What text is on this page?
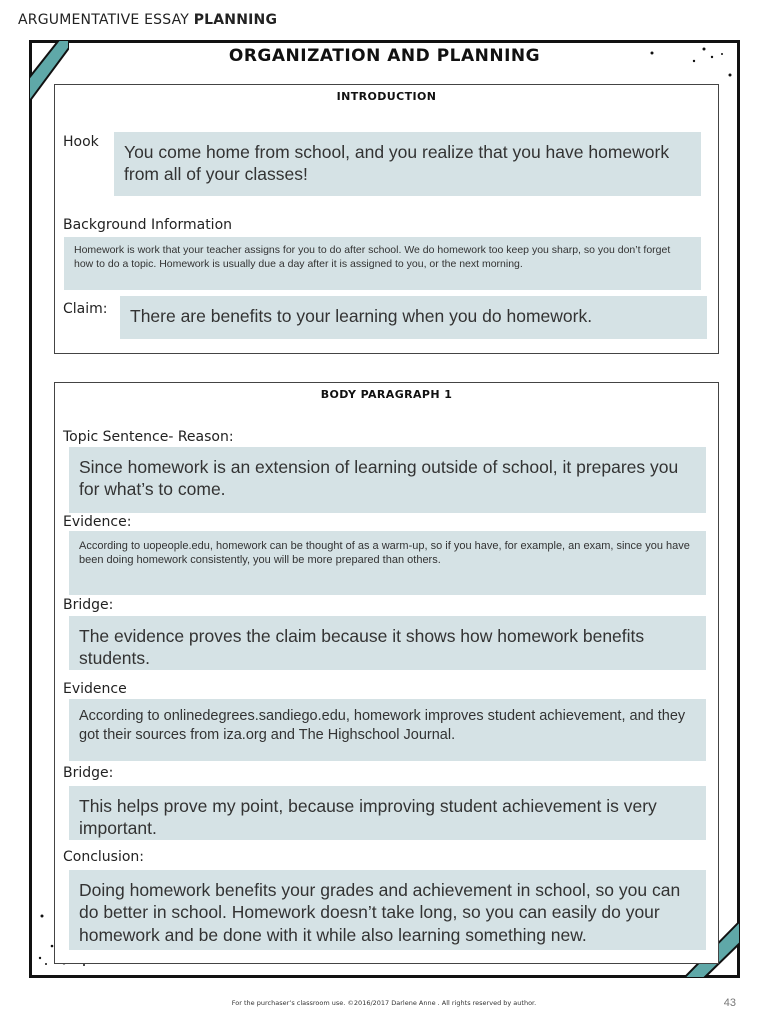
ARGUMENTATIVE ESSAY PLANNING
ORGANIZATION AND PLANNING
INTRODUCTION
Hook	You come home from school, and you realize that you have homework from all of your classes!
Background Information
Homework is work that your teacher assigns for you to do after school. We do homework too keep you sharp, so you don’t forget how to do a topic. Homework is usually due a day after it is assigned to you, or the next morning.
Claim:	There are benefits to your learning when you do homework.
BODY PARAGRAPH 1
Topic Sentence- Reason:
Since homework is an extension of learning outside of school, it prepares you for what’s to come.
Evidence:
According to uopeople.edu, homework can be thought of as a warm-up, so if you have, for example, an exam, since you have been doing homework consistently, you will be more prepared than others.
Bridge:
The evidence proves the claim because it shows how homework benefits students.
Evidence
According to onlinedegrees.sandiego.edu, homework improves student achievement, and they got their sources from iza.org and The Highschool Journal.
Bridge:
This helps prove my point, because improving student achievement is very important.
Conclusion:
Doing homework benefits your grades and achievement in school, so you can do better in school. Homework doesn’t take long, so you can easily do your homework and be done with it while also learning something new.
For the purchaser’s classroom use. ©2016/2017 Darlene Anne . All rights reserved by author.	43
